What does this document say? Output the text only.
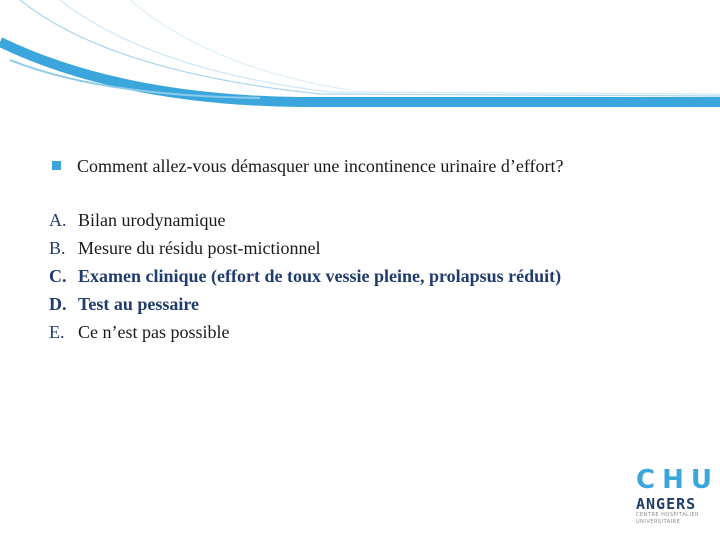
Comment allez-vous démasquer une incontinence urinaire d’effort?
A. Bilan urodynamique
B. Mesure du résidu post-mictionnel
C. Examen clinique (effort de toux vessie pleine, prolapsus réduit)
D. Test au pessaire
E. Ce n’est pas possible
CHU
ANGERS
CENTRE HOSPITALIER
UNIVERSITAIRE
